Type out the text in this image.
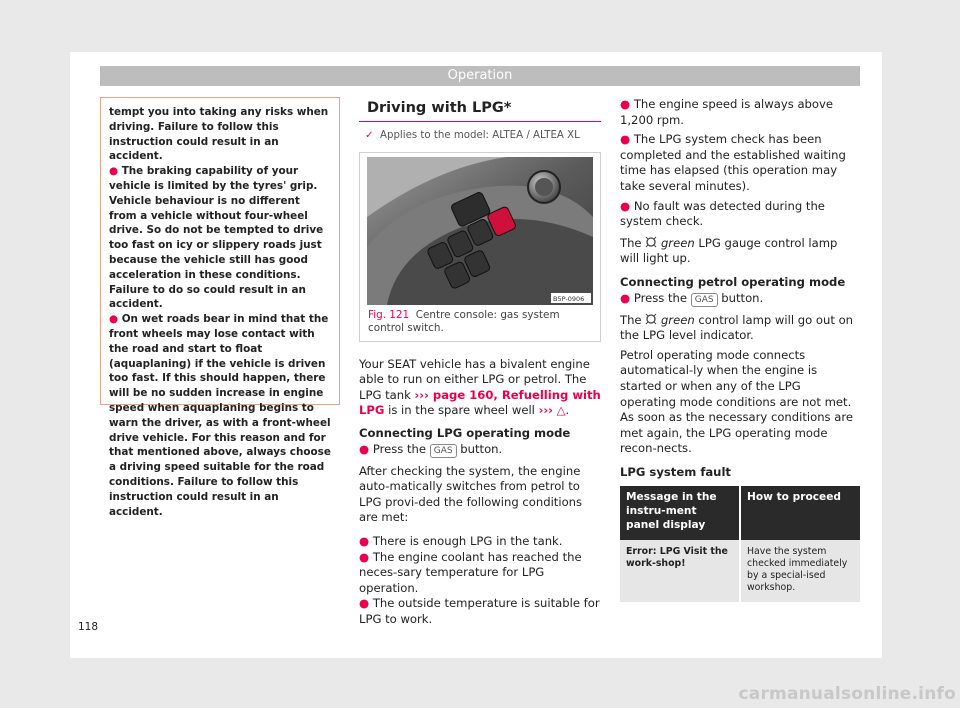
Operation

tempt you into taking any risks when driving. Failure to follow this instruction could result in an accident.

● The braking capability of your vehicle is limited by the tyres' grip. Vehicle behaviour is no different from a vehicle without four-wheel drive. So do not be tempted to drive too fast on icy or slippery roads just because the vehicle still has good acceleration in these conditions. Failure to do so could result in an accident.

● On wet roads bear in mind that the front wheels may lose contact with the road and start to float (aquaplaning) if the vehicle is driven too fast. If this should happen, there will be no sudden increase in engine speed when aquaplaning begins to warn the driver, as with a front-wheel drive vehicle. For this reason and for that mentioned above, always choose a driving speed suitable for the road conditions. Failure to follow this instruction could result in an accident.

Driving with LPG*
✓ Applies to the model: ALTEA / ALTEA XL
B5P-0906
Fig. 121 Centre console: gas system control switch.

Your SEAT vehicle has a bivalent engine able to run on either LPG or petrol. The LPG tank ››› page 160, Refuelling with LPG is in the spare wheel well ››› △.

Connecting LPG operating mode

● Press the GAS button.

After checking the system, the engine auto-matically switches from petrol to LPG provi-ded the following conditions are met:

● There is enough LPG in the tank.

● The engine coolant has reached the neces-sary temperature for LPG operation.

● The outside temperature is suitable for LPG to work.

● The engine speed is always above 1,200 rpm.

● The LPG system check has been completed and the established waiting time has elapsed (this operation may take several minutes).

● No fault was detected during the system check.

The green LPG gauge control lamp will light up.

Connecting petrol operating mode

● Press the GAS button.

The green control lamp will go out on the LPG level indicator.

Petrol operating mode connects automatical-ly when the engine is started or when any of the LPG operating mode conditions are not met. As soon as the necessary conditions are met again, the LPG operating mode recon-nects.

LPG system fault

Message in the instru-ment panel display	How to proceed
Error: LPG Visit the work-shop!	Have the system checked immediately by a special-ised workshop.
118
carmanualsonline.info
